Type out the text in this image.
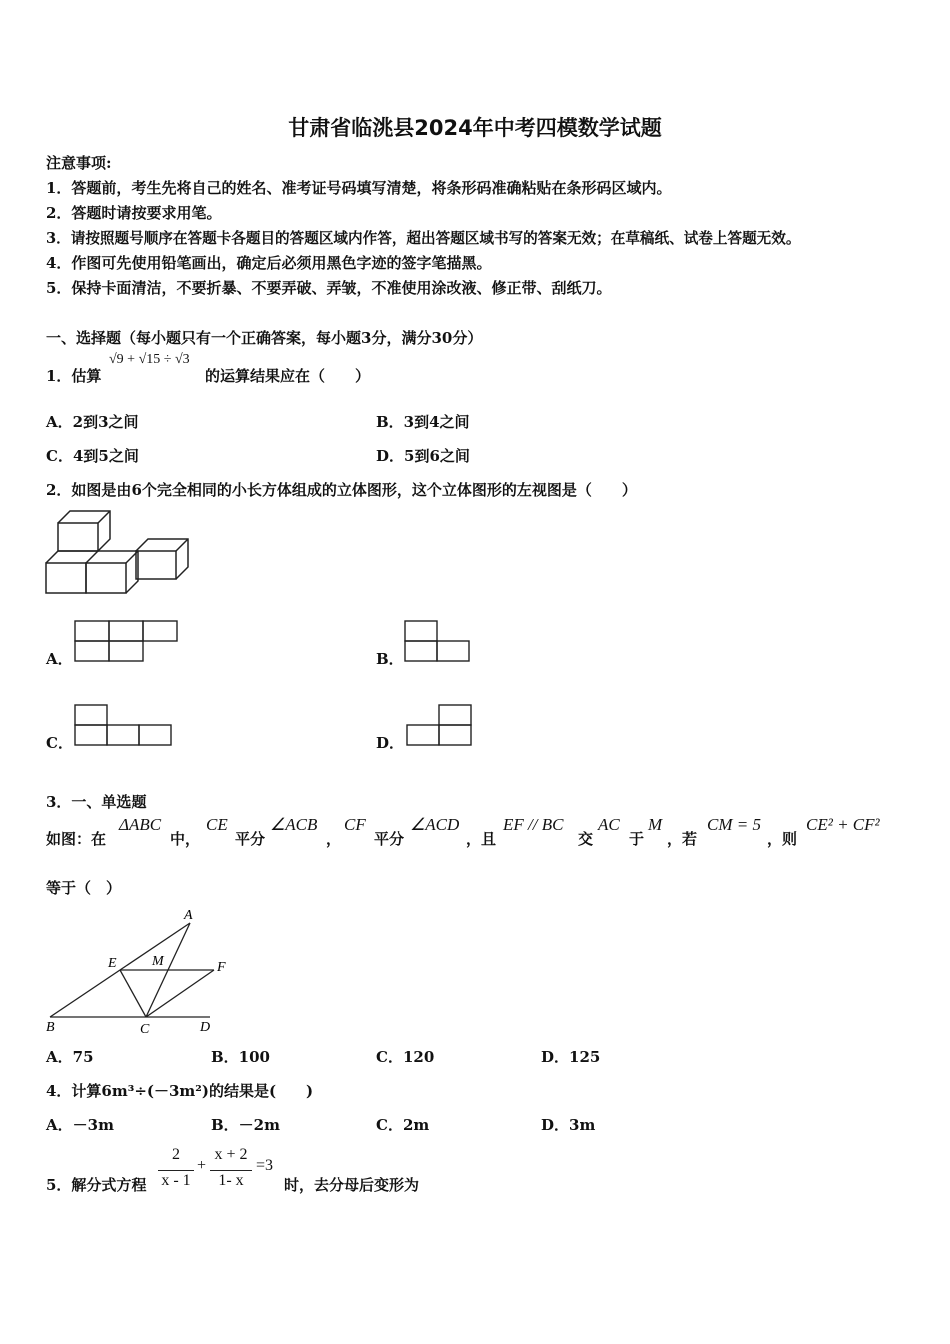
甘肃省临洮县2024年中考四模数学试题
注意事项:
1．答题前，考生先将自己的姓名、准考证号码填写清楚，将条形码准确粘贴在条形码区域内。
2．答题时请按要求用笔。
3．请按照题号顺序在答题卡各题目的答题区域内作答，超出答题区域书写的答案无效；在草稿纸、试卷上答题无效。
4．作图可先使用铅笔画出，确定后必须用黑色字迹的签字笔描黑。
5．保持卡面清洁，不要折暴、不要弄破、弄皱，不准使用涂改液、修正带、刮纸刀。
一、选择题（每小题只有一个正确答案，每小题3分，满分30分）
1．估算
√9 + √15 ÷ √3
的运算结果应在（　　）
A．2到3之间	B．3到4之间
C．4到5之间	D．5到6之间
2．如图是由6个完全相同的小长方体组成的立体图形，这个立体图形的左视图是（　　）
A．	B．
C．	D．
3．一、单选题
如图：在
ΔABC
中，
CE
平分
∠ACB
，
CF
平分
∠ACD
，且
EF // BC
交
AC
于
M
，若
CM = 5
，则
CE² + CF²
等于（　）
A
E	M	F
B	C	D
A．75	B．100	C．120	D．125
4．计算6m³÷(－3m²)的结果是(　　)
A．－3m	B．－2m	C．2m	D．3m
5．解分式方程
2
x - 1
+
x + 2
1- x
=3
时，去分母后变形为
